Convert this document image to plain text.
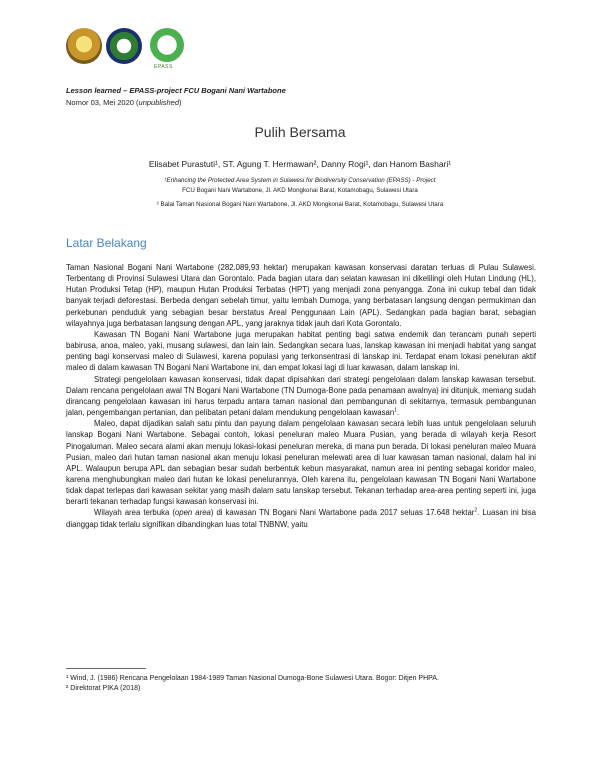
EPASS
Lesson learned – EPASS-project FCU Bogani Nani Wartabone
Nomor 03, Mei 2020 (unpublished)
Pulih Bersama
Elisabet Purastuti¹, ST. Agung T. Hermawan², Danny Rogi¹, dan Hanom Bashari¹
¹Enhancing the Protected Area System in Sulawesi for Biodiversity Conservation (EPASS) - Project
FCU Bogani Nani Wartabone, Jl. AKD Mongkonai Barat, Kotamobagu, Sulawesi Utara
² Balai Taman Nasional Bogani Nani Wartabone, Jl. AKD Mongkonai Barat, Kotamobagu, Sulawesi Utara
Latar Belakang

Taman Nasional Bogani Nani Wartabone (282.089,93 hektar) merupakan kawasan konservasi daratan terluas di Pulau Sulawesi. Terbentang di Provinsi Sulawesi Utara dan Gorontalo. Pada bagian utara dan selatan kawasan ini dikelilingi oleh Hutan Lindung (HL), Hutan Produksi Tetap (HP), maupun Hutan Produksi Terbatas (HPT) yang menjadi zona penyangga. Zona ini cukup tebal dan tidak banyak terjadi deforestasi. Berbeda dengan sebelah timur, yaitu lembah Dumoga, yang berbatasan langsung dengan permukiman dan perkebunan penduduk yang sebagian besar berstatus Areal Penggunaan Lain (APL). Sedangkan pada bagian barat, sebagian wilayahnya juga berbatasan langsung dengan APL, yang jaraknya tidak jauh dari Kota Gorontalo.

Kawasan TN Bogani Nani Wartabone juga merupakan habitat penting bagi satwa endemik dan terancam punah seperti babirusa, anoa, maleo, yaki, musang sulawesi, dan lain lain. Sedangkan secara luas, lanskap kawasan ini menjadi habitat yang sangat penting bagi konservasi maleo di Sulawesi, karena populasi yang terkonsentrasi di lanskap ini. Terdapat enam lokasi peneluran aktif maleo di dalam kawasan TN Bogani Nani Wartabone ini, dan empat lokasi lagi di luar kawasan, dalam lanskap ini.

Strategi pengelolaan kawasan konservasi, tidak dapat dipisahkan dari strategi pengelolaan dalam lanskap kawasan tersebut. Dalam rencana pengelolaan awal TN Bogani Nani Wartabone (TN Dumoga-Bone pada penamaan awalnya) ini ditunjuk, memang sudah dirancang pengelolaan kawasan ini harus terpadu antara taman nasional dan pembangunan di sekitarnya, termasuk pembangunan jalan, pengembangan pertanian, dan pelibatan petani dalam mendukung pengelolaan kawasan$^1$.

Maleo, dapat dijadikan salah satu pintu dan payung dalam pengelolaan kawasan secara lebih luas untuk pengelolaan seluruh lanskap Bogani Nani Wartabone. Sebagai contoh, lokasi peneluran maleo Muara Pusian, yang berada di wilayah kerja Resort Pinogaluman. Maleo secara alami akan menuju lokasi-lokasi peneluran mereka, di mana pun berada. Di lokasi peneluran maleo Muara Pusian, maleo dari hutan taman nasional akan menuju lokasi peneluran melewati area di luar kawasan taman nasional, dalam hal ini APL. Walaupun berupa APL dan sebagian besar sudah berbentuk kebun masyarakat, namun area ini penting sebagai koridor maleo, karena menghubungkan maleo dari hutan ke lokasi penelurannya. Oleh karena itu, pengelolaan kawasan TN Bogani Nani Wartabone tidak dapat terlepas dari kawasan sekitar yang masih dalam satu lanskap tersebut. Tekanan terhadap area-area penting seperti ini, juga berarti tekanan terhadap fungsi kawasan konservasi ini.

Wilayah area terbuka (open area) di kawasan TN Bogani Nani Wartabone pada 2017 seluas 17.648 hektar$^2$. Luasan ini bisa dianggap tidak terlalu signifikan dibandingkan luas total TNBNW, yaitu

¹ Wind, J. (1986) Rencana Pengelolaan 1984-1989 Taman Nasional Dumoga-Bone Sulawesi Utara. Bogor: Ditjen PHPA.

² Direktorat PIKA (2018)
